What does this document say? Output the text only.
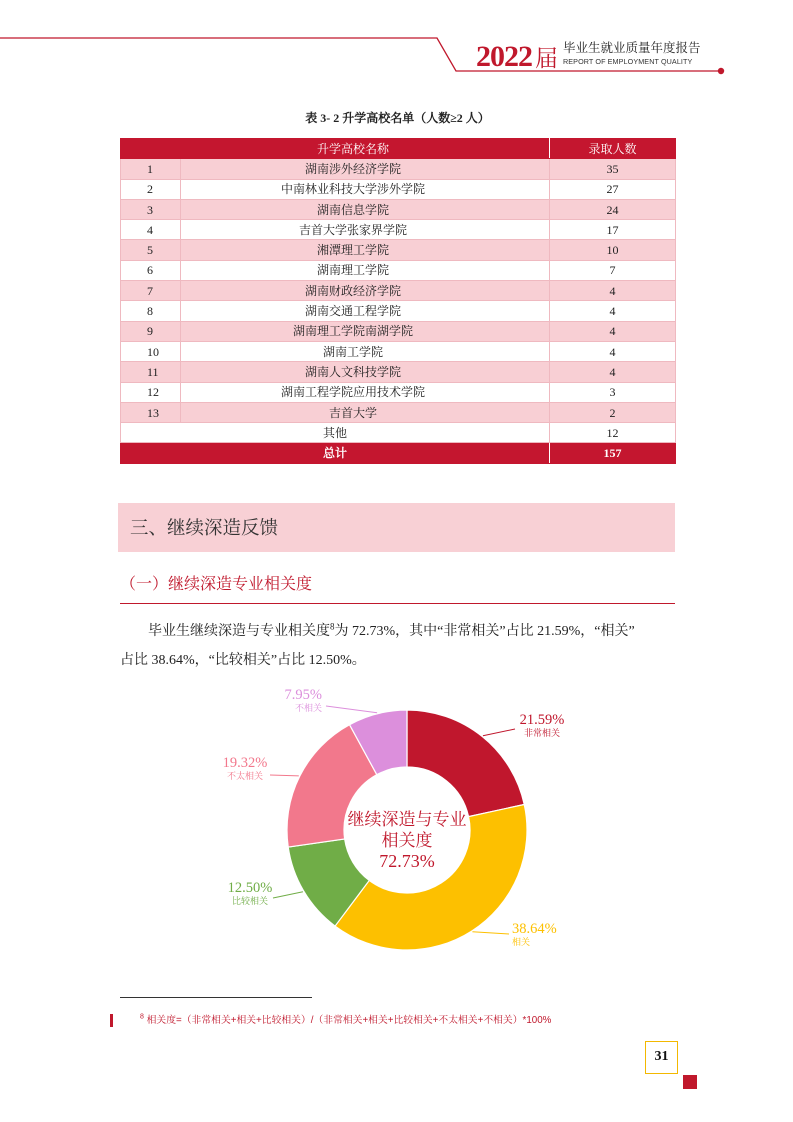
2022 届 毕业生就业质量年度报告
REPORT OF EMPLOYMENT QUALITY
表 3- 2 升学高校名单（人数≥2 人）
升学高校名称		录取人数
1	湖南涉外经济学院	35
2	中南林业科技大学涉外学院	27
3	湖南信息学院	24
4	吉首大学张家界学院	17
5	湘潭理工学院	10
6	湖南理工学院	7
7	湖南财政经济学院	4
8	湖南交通工程学院	4
9	湖南理工学院南湖学院	4
10	湖南工学院	4
11	湖南人文科技学院	4
12	湖南工程学院应用技术学院	3
13	吉首大学	2
其他		12
总计		157
三、继续深造反馈
（一）继续深造专业相关度
毕业生继续深造与专业相关度$^8$为 72.73%，其中“非常相关”占比 21.59%，“相关”
占比 38.64%，“比较相关”占比 12.50%。
21.59%
非常相关
38.64%
相关
12.50%
比较相关
19.32%
不太相关
7.95%
不相关
继续深造与专业相关度
72.73%
$^8$ 相关度=（非常相关+相关+比较相关）/（非常相关+相关+比较相关+不太相关+不相关）*100%
31
